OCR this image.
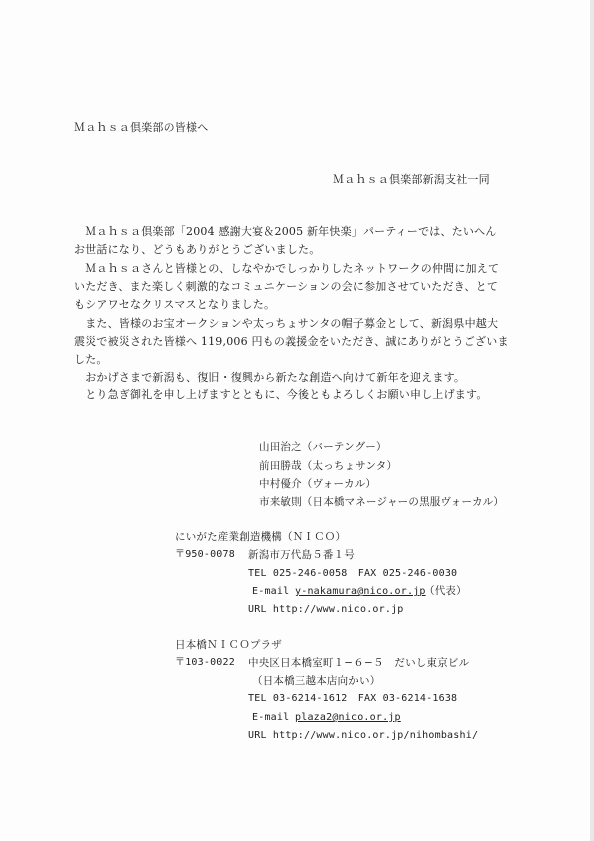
Ｍａｈｓａ倶楽部の皆様へ
Ｍａｈｓａ倶楽部新潟支社一同
　Ｍａｈｓａ倶楽部「2004 感謝大宴＆2005 新年快楽」パーティーでは、たいへん
お世話になり、どうもありがとうございました。
　Ｍａｈｓａさんと皆様との、しなやかでしっかりしたネットワークの仲間に加えて
いただき、また楽しく刺激的なコミュニケーションの会に参加させていただき、とて
もシアワセなクリスマスとなりました。
　また、皆様のお宝オークションや太っちょサンタの帽子募金として、新潟県中越大
震災で被災された皆様へ 119,006 円もの義援金をいただき、誠にありがとうございま
した。
　おかげさまで新潟も、復旧・復興から新たな創造へ向けて新年を迎えます。
　とり急ぎ御礼を申し上げますとともに、今後ともよろしくお願い申し上げます。
山田治之（バーテングー）
前田勝哉（太っちょサンタ）
中村優介（ヴォーカル）
市来敏則（日本橋マネージャーの黒服ヴォーカル）
にいがた産業創造機構（ＮＩＣＯ）
〒950-0078 新潟市万代島５番１号
TEL 025-246-0058　FAX 025-246-0030
E-mail y-nakamura@nico.or.jp
（代表）
URL http://www.nico.or.jp
日本橋ＮＩＣＯプラザ
〒103-0022 中央区日本橋室町１−６−５　だいし東京ビル
（日本橋三越本店向かい）
TEL 03-6214-1612　FAX 03-6214-1638
E-mail plaza2@nico.or.jp
URL http://www.nico.or.jp/nihombashi/
